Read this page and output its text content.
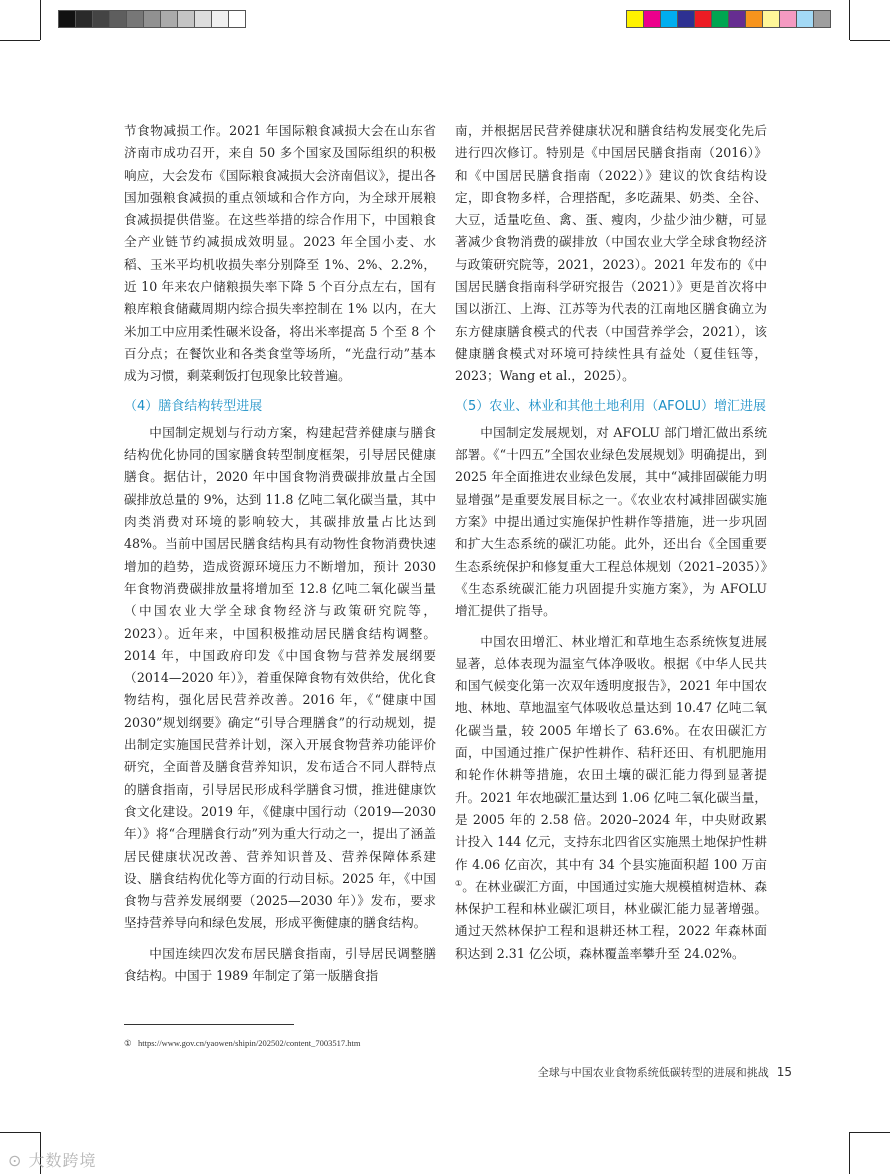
节食物减损工作。2021 年国际粮食减损大会在山东省济南市成功召开，来自 50 多个国家及国际组织的积极响应，大会发布《国际粮食减损大会济南倡议》，提出各国加强粮食减损的重点领域和合作方向，为全球开展粮食减损提供借鉴。在这些举措的综合作用下，中国粮食全产业链节约减损成效明显。2023 年全国小麦、水稻、玉米平均机收损失率分别降至 1%、2%、2.2%，近 10 年来农户储粮损失率下降 5 个百分点左右，国有粮库粮食储藏周期内综合损失率控制在 1% 以内，在大米加工中应用柔性碾米设备，将出米率提高 5 个至 8 个百分点；在餐饮业和各类食堂等场所，“光盘行动”基本成为习惯，剩菜剩饭打包现象比较普遍。

（4）膳食结构转型进展

中国制定规划与行动方案，构建起营养健康与膳食结构优化协同的国家膳食转型制度框架，引导居民健康膳食。据估计，2020 年中国食物消费碳排放量占全国碳排放总量的 9%，达到 11.8 亿吨二氧化碳当量，其中肉类消费对环境的影响较大，其碳排放量占比达到 48%。当前中国居民膳食结构具有动物性食物消费快速增加的趋势，造成资源环境压力不断增加，预计 2030 年食物消费碳排放量将增加至 12.8 亿吨二氧化碳当量（中国农业大学全球食物经济与政策研究院等，2023）。近年来，中国积极推动居民膳食结构调整。2014 年，中国政府印发《中国食物与营养发展纲要（2014—2020 年）》，着重保障食物有效供给，优化食物结构，强化居民营养改善。2016 年，《“健康中国 2030”规划纲要》确定“引导合理膳食”的行动规划，提出制定实施国民营养计划，深入开展食物营养功能评价研究，全面普及膳食营养知识，发布适合不同人群特点的膳食指南，引导居民形成科学膳食习惯，推进健康饮食文化建设。2019 年，《健康中国行动（2019—2030 年）》将“合理膳食行动”列为重大行动之一，提出了涵盖居民健康状况改善、营养知识普及、营养保障体系建设、膳食结构优化等方面的行动目标。2025 年，《中国食物与营养发展纲要（2025—2030 年）》发布，要求坚持营养导向和绿色发展，形成平衡健康的膳食结构。

中国连续四次发布居民膳食指南，引导居民调整膳食结构。中国于 1989 年制定了第一版膳食指

南，并根据居民营养健康状况和膳食结构发展变化先后进行四次修订。特别是《中国居民膳食指南（2016）》和《中国居民膳食指南（2022）》建议的饮食结构设定，即食物多样，合理搭配，多吃蔬果、奶类、全谷、大豆，适量吃鱼、禽、蛋、瘦肉，少盐少油少糖，可显著减少食物消费的碳排放（中国农业大学全球食物经济与政策研究院等，2021，2023）。2021 年发布的《中国居民膳食指南科学研究报告（2021）》更是首次将中国以浙江、上海、江苏等为代表的江南地区膳食确立为东方健康膳食模式的代表（中国营养学会，2021），该健康膳食模式对环境可持续性具有益处（夏佳钰等，2023；Wang et al.，2025）。

（5）农业、林业和其他土地利用（AFOLU）增汇进展

中国制定发展规划，对 AFOLU 部门增汇做出系统部署。《“十四五”全国农业绿色发展规划》明确提出，到 2025 年全面推进农业绿色发展，其中“减排固碳能力明显增强”是重要发展目标之一。《农业农村减排固碳实施方案》中提出通过实施保护性耕作等措施，进一步巩固和扩大生态系统的碳汇功能。此外，还出台《全国重要生态系统保护和修复重大工程总体规划（2021–2035）》《生态系统碳汇能力巩固提升实施方案》，为 AFOLU 增汇提供了指导。

中国农田增汇、林业增汇和草地生态系统恢复进展显著，总体表现为温室气体净吸收。根据《中华人民共和国气候变化第一次双年透明度报告》，2021 年中国农地、林地、草地温室气体吸收总量达到 10.47 亿吨二氧化碳当量，较 2005 年增长了 63.6%。在农田碳汇方面，中国通过推广保护性耕作、秸秆还田、有机肥施用和轮作休耕等措施，农田土壤的碳汇能力得到显著提升。2021 年农地碳汇量达到 1.06 亿吨二氧化碳当量，是 2005 年的 2.58 倍。2020–2024 年，中央财政累计投入 144 亿元，支持东北四省区实施黑土地保护性耕作 4.06 亿亩次，其中有 34 个县实施面积超 100 万亩①。在林业碳汇方面，中国通过实施大规模植树造林、森林保护工程和林业碳汇项目，林业碳汇能力显著增强。通过天然林保护工程和退耕还林工程，2022 年森林面积达到 2.31 亿公顷，森林覆盖率攀升至 24.02%。

① https://www.gov.cn/yaowen/shipin/202502/content_7003517.htm
全球与中国农业食物系统低碳转型的进展和挑战 15
⊙ 大数跨境
